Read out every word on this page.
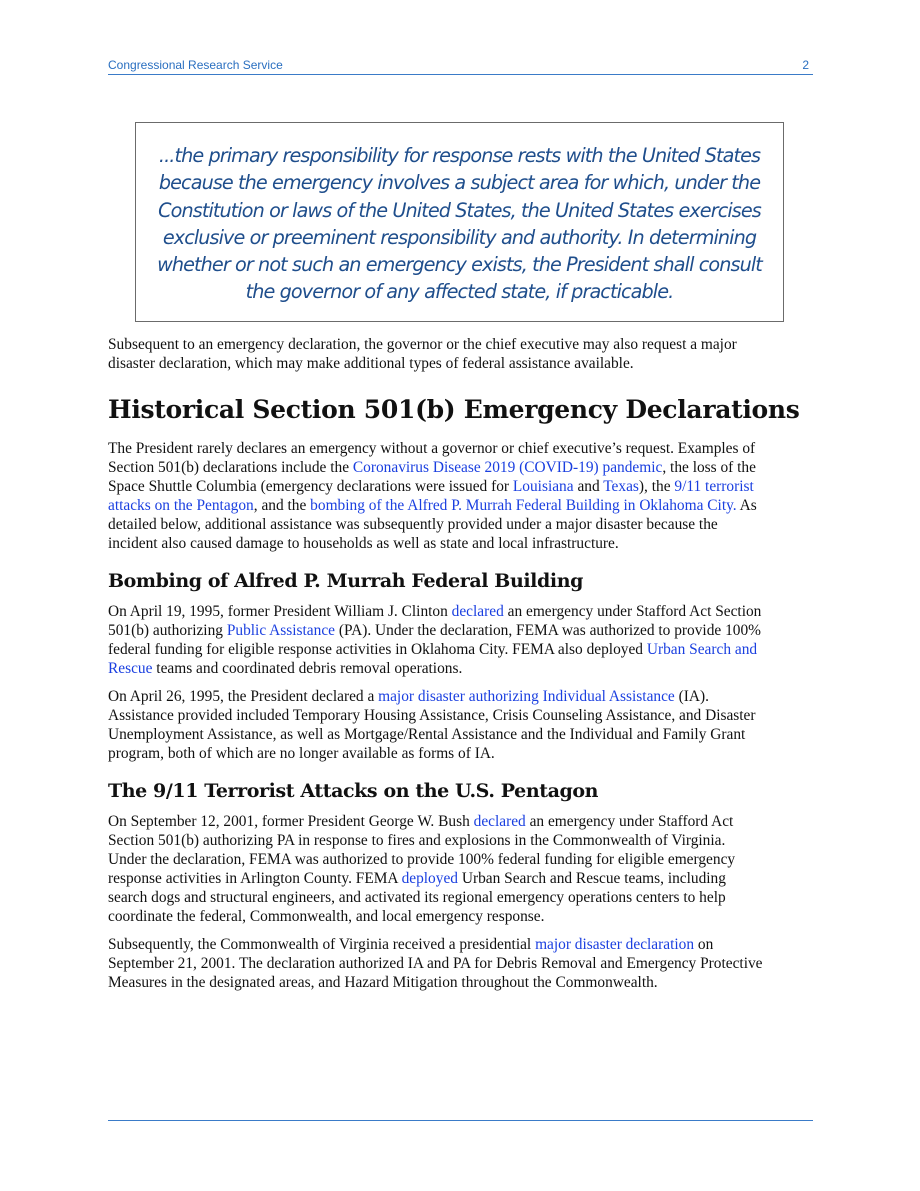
Congressional Research Service	2

...the primary responsibility for response rests with the United States
because the emergency involves a subject area for which, under the
Constitution or laws of the United States, the United States exercises
exclusive or preeminent responsibility and authority. In determining
whether or not such an emergency exists, the President shall consult
the governor of any affected state, if practicable.

Subsequent to an emergency declaration, the governor or the chief executive may also request a major
disaster declaration, which may make additional types of federal assistance available.

Historical Section 501(b) Emergency Declarations

The President rarely declares an emergency without a governor or chief executive’s request. Examples of
Section 501(b) declarations include the Coronavirus Disease 2019 (COVID-19) pandemic, the loss of the
Space Shuttle Columbia (emergency declarations were issued for Louisiana and Texas), the 9/11 terrorist
attacks on the Pentagon, and the bombing of the Alfred P. Murrah Federal Building in Oklahoma City. As
detailed below, additional assistance was subsequently provided under a major disaster because the
incident also caused damage to households as well as state and local infrastructure.

Bombing of Alfred P. Murrah Federal Building

On April 19, 1995, former President William J. Clinton declared an emergency under Stafford Act Section
501(b) authorizing Public Assistance (PA). Under the declaration, FEMA was authorized to provide 100%
federal funding for eligible response activities in Oklahoma City. FEMA also deployed Urban Search and
Rescue teams and coordinated debris removal operations.

On April 26, 1995, the President declared a major disaster authorizing Individual Assistance (IA).
Assistance provided included Temporary Housing Assistance, Crisis Counseling Assistance, and Disaster
Unemployment Assistance, as well as Mortgage/Rental Assistance and the Individual and Family Grant
program, both of which are no longer available as forms of IA.

The 9/11 Terrorist Attacks on the U.S. Pentagon

On September 12, 2001, former President George W. Bush declared an emergency under Stafford Act
Section 501(b) authorizing PA in response to fires and explosions in the Commonwealth of Virginia.
Under the declaration, FEMA was authorized to provide 100% federal funding for eligible emergency
response activities in Arlington County. FEMA deployed Urban Search and Rescue teams, including
search dogs and structural engineers, and activated its regional emergency operations centers to help
coordinate the federal, Commonwealth, and local emergency response.

Subsequently, the Commonwealth of Virginia received a presidential major disaster declaration on
September 21, 2001. The declaration authorized IA and PA for Debris Removal and Emergency Protective
Measures in the designated areas, and Hazard Mitigation throughout the Commonwealth.
